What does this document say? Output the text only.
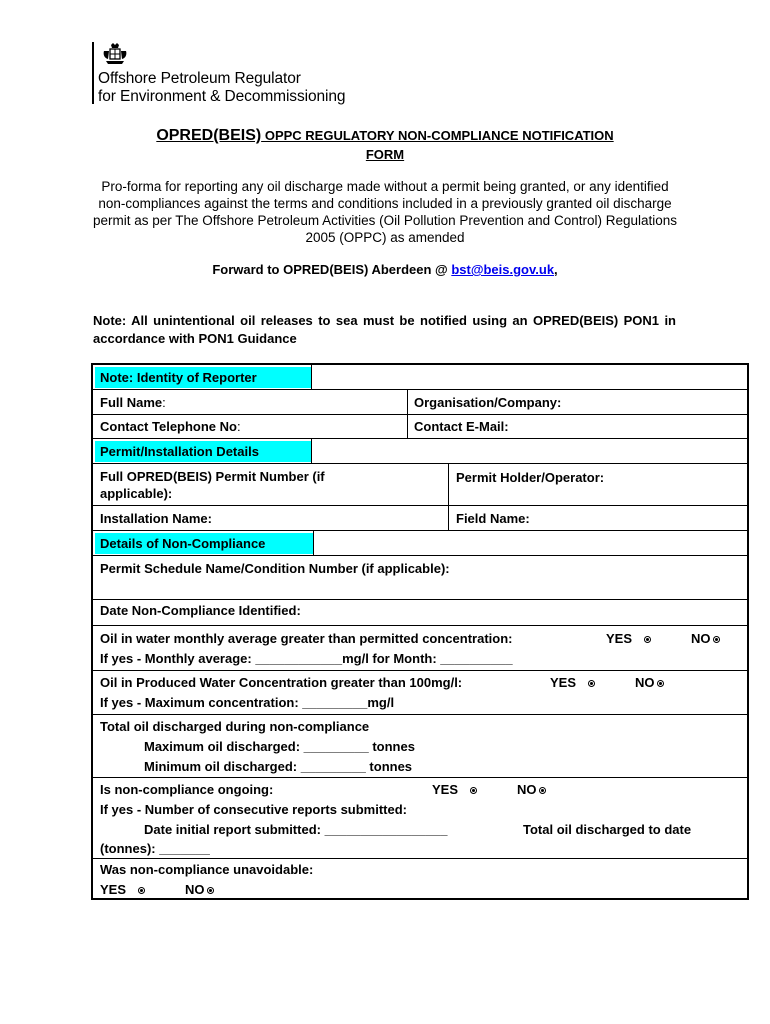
Offshore Petroleum Regulator
for Environment & Decommissioning
OPRED(BEIS) OPPC REGULATORY NON-COMPLIANCE NOTIFICATION
FORM
Pro-forma for reporting any oil discharge made without a permit being granted, or any identified non-compliances against the terms and conditions included in a previously granted oil discharge permit as per The Offshore Petroleum Activities (Oil Pollution Prevention and Control) Regulations 2005 (OPPC) as amended
Forward to OPRED(BEIS) Aberdeen @ bst@beis.gov.uk,
Note: All unintentional oil releases to sea must be notified using an OPRED(BEIS) PON1 in accordance with PON1 Guidance
Note: Identity of Reporter
Full Name:	Organisation/Company:
Contact Telephone No:	Contact E-Mail:
Permit/Installation Details
Full OPRED(BEIS) Permit Number (if
applicable):
Permit Holder/Operator:
Installation Name:	Field Name:
Details of Non-Compliance
Permit Schedule Name/Condition Number (if applicable):
Date Non-Compliance Identified:
Oil in water monthly average greater than permitted concentration:	YES	NO
If yes - Monthly average: ____________mg/l for Month: __________
Oil in Produced Water Concentration greater than 100mg/l:	YES	NO
If yes - Maximum concentration: _________mg/l
Total oil discharged during non-compliance
Maximum oil discharged: _________ tonnes
Minimum oil discharged: _________ tonnes
Is non-compliance ongoing:	YES	NO
If yes - Number of consecutive reports submitted:
Date initial report submitted: _________________	Total oil discharged to date
(tonnes): _______
Was non-compliance unavoidable:
YES	NO
